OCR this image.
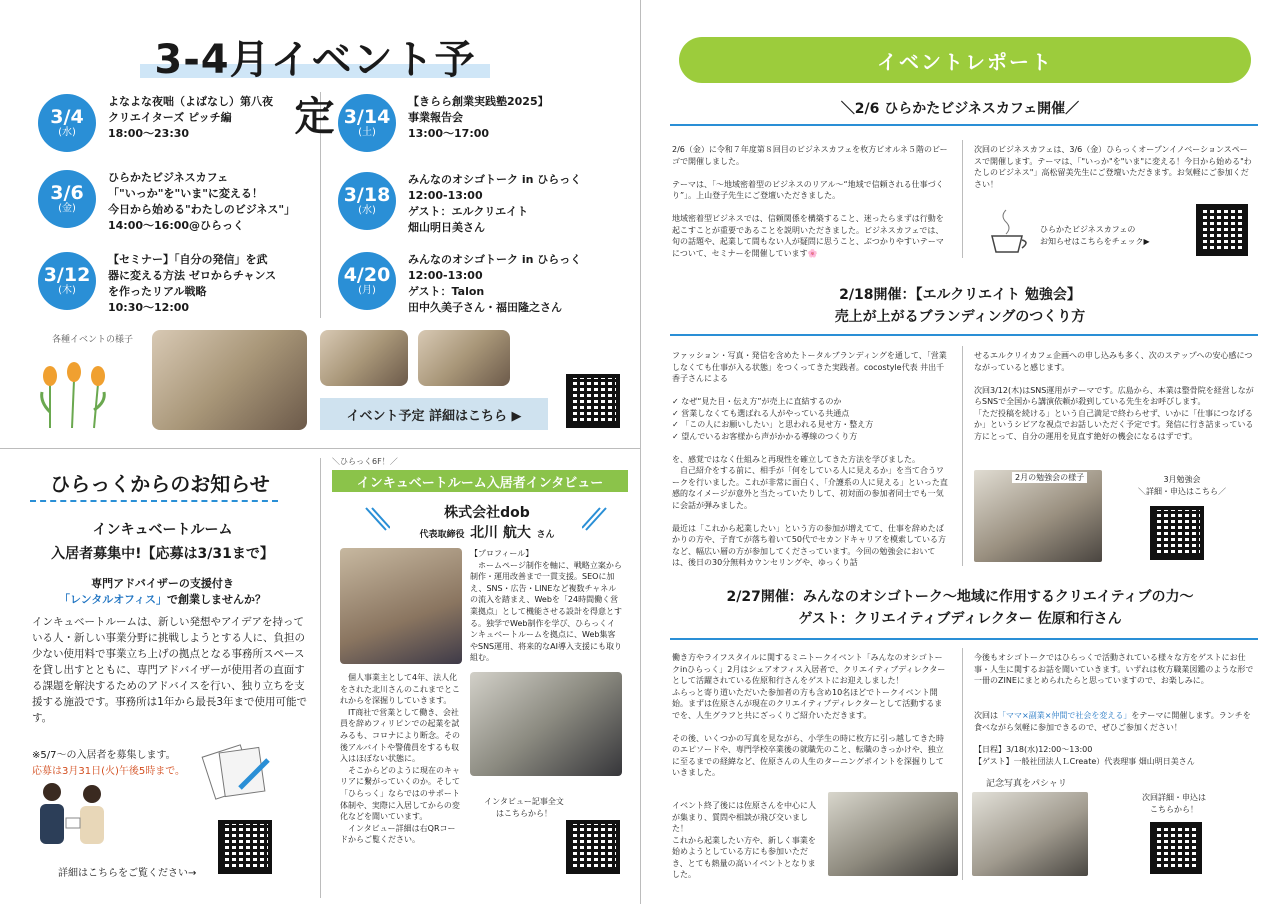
3-4月イベント予定
3/4
(水)
よなよな夜咄（よばなし）第八夜
クリエイターズ ピッチ編
18:00〜23:30
3/6
(金)
ひらかたビジネスカフェ
「"いっか"を"いま"に変える！
今日から始める"わたしのビジネス"」
14:00〜16:00@ひらっく
3/12
(木)
【セミナー】「自分の発信」を武
器に変える方法 ゼロからチャンス
を作ったリアル戦略
10:30〜12:00
3/14
(土)
【きらら創業実践塾2025】
事業報告会
13:00〜17:00
3/18
(水)
みんなのオシゴトーク in ひらっく
12:00-13:00
ゲスト：エルクリエイト
畑山明日美さん
4/20
(月)
みんなのオシゴトーク in ひらっく
12:00-13:00
ゲスト：Talon
田中久美子さん・福田隆之さん
各種イベントの様子
イベント予定 詳細はこちら ▶
ひらっくからのお知らせ
インキュベートルーム
入居者募集中!【応募は3/31まで】
専門アドバイザーの支援付き
「レンタルオフィス」で創業しませんか？
インキュベートルームは、新しい発想やアイデアを持っている人・新しい事業分野に挑戦しようとする人に、負担の少ない使用料で事業立ち上げの拠点となる事務所スペースを貸し出すとともに、専門アドバイザーが使用者の直面する課題を解決するためのアドバイスを行い、独り立ちを支援する施設です。事務所は1年から最長3年まで使用可能です。
※5/7〜の入居者を募集します。
応募は3月31日(火)午後5時まで。
詳細はこちらをご覧ください→
＼ひらっく6F！／
インキュベートルーム入居者インタビュー
株式会社dob
代表取締役 北川 航大 さん
【プロフィール】
　ホームページ制作を軸に、戦略立案から制作・運用改善まで一貫支援。SEOに加え、SNS・広告・LINEなど複数チャネルの流入を踏まえ、Webを「24時間働く営業拠点」として機能させる設計を得意とする。独学でWeb制作を学び、ひらっくインキュベートルームを拠点に、Web集客やSNS運用、将来的なAI導入支援にも取り組む。
　個人事業主として4年、法人化をされた北川さんのこれまでとこれからを深掘りしていきます。
　IT商社で営業として働き、会社員を辞めフィリピンでの起業を試みるも、コロナにより断念。その後アルバイトや警備員をするも収入はほぼない状態に。
　そこからどのように現在のキャリアに繋がっていくのか。そして「ひらっく」ならではのサポート体制や、実際に入居してからの変化などを聞いています。
　インタビュー詳細は右QRコードからご覧ください。
インタビュー記事全文
はこちらから！
イベントレポート
＼2/6 ひらかたビジネスカフェ開催／
2/6（金）に令和７年度第８回目のビジネスカフェを枚方ビオルネ５階のビーゴで開催しました。

テーマは、「〜地域密着型のビジネスのリアル〜“地域で信頼される仕事づくり”」。上山登子先生にご登壇いただきました。

地域密着型ビジネスでは、信頼関係を構築すること、迷ったらまずは行動を起こすことが重要であることを説明いただきました。ビジネスカフェでは、旬の話題や、起業して間もない人が疑問に思うこと、ぶつかりやすいテーマについて、セミナーを開催しています🌸
次回のビジネスカフェは、3/6（金）ひらっくオープンイノベーションスペースで開催します。テーマは、「"いっか"を"いま"に変える！今日から始める"わたしのビジネス"」高松留美先生にご登壇いただきます。お気軽にご参加ください！
ひらかたビジネスカフェの
お知らせはこちらをチェック▶
2/18開催：【エルクリエイト 勉強会】
売上が上がるブランディングのつくり方
ファッション・写真・発信を含めたトータルブランディングを通して、「営業しなくても仕事が入る状態」をつくってきた実践者。cocostyle代表 井出千香子さんによる

✓ なぜ“見た目・伝え方”が売上に直結するのか
✓ 営業しなくても選ばれる人がやっている共通点
✓ 「この人にお願いしたい」と思われる見せ方・整え方
✓ 望んでいるお客様から声がかかる導線のつくり方

を、感覚ではなく仕組みと再現性を確立してきた方法を学びました。
　自己紹介をする前に、相手が「何をしている人に見えるか」を当て合うワークを行いました。これが非常に面白く、「介護系の人に見える」といった直感的なイメージが意外と当たっていたりして、初対面の参加者同士でも一気に会話が弾みました。

最近は「これから起業したい」という方の参加が増えてて、仕事を辞めたばかりの方や、子育てが落ち着いて50代でセカンドキャリアを模索している方など、幅広い層の方が参加してくださっています。今回の勉強会においては、後日の30分無料カウンセリングや、ゆっくり話
せるエルクリイカフェ企画への申し込みも多く、次のステップへの安心感につながっていると感じます。

次回3/12(木)はSNS運用がテーマです。広島から、本業は整骨院を経営しながらSNSで全国から講演依頼が殺到している先生をお呼びします。
「ただ投稿を続ける」という自己満足で終わらせず、いかに「仕事につなげるか」というシビアな視点でお話しいただく予定です。発信に行き詰まっている方にとって、自分の運用を見直す絶好の機会になるはずです。
2月の勉強会の様子	3月勉強会
＼詳細・申込はこちら／
2/27開催：みんなのオシゴトーク〜地域に作用するクリエイティブの力〜
ゲスト：クリエイティブディレクター 佐原和行さん
働き方やライフスタイルに関するミニトークイベント「みんなのオシゴトークinひらっく」2月はシェアオフィス入居者で、クリエイティブディレクターとして活躍されている佐原和行さんをゲストにお迎えしました！
ふらっと寄り道いただいた参加者の方も含め10名ほどでトークイベント開始。まずは佐原さんが現在のクリエイティブディレクターとして活動するまでを、人生グラフと共にざっくりご紹介いただきます。

その後、いくつかの写真を見ながら、小学生の時に枚方に引っ越してきた時のエピソードや、専門学校卒業後の就職先のこと、転職のきっかけや、独立に至るまでの経緯など、佐原さんの人生のターニングポイントを深掘りしていきました。
イベント終了後には佐原さんを中心に人が集まり、質問や相談が飛び交いました！
これから起業したい方や、新しく事業を始めようとしている方にも参加いただき、とても熱量の高いイベントとなりました。
今後もオシゴトークではひらっくで活動されている様々な方をゲストにお仕事・人生に関するお話を聞いていきます。いずれは枚方職業図鑑のような形で一冊のZINEにまとめられたらと思っていますので、お楽しみに。
次回は「ママ×副業×仲間で社会を変える」をテーマに開催します。ランチを食べながら気軽に参加できるので、ぜひご参加ください！
【日程】3/18(水)12:00〜13:00
【ゲスト】一般社団法人ＬCreate）代表理事 畑山明日美さん
記念写真をパシャリ
次回詳細・申込は
こちらから！
